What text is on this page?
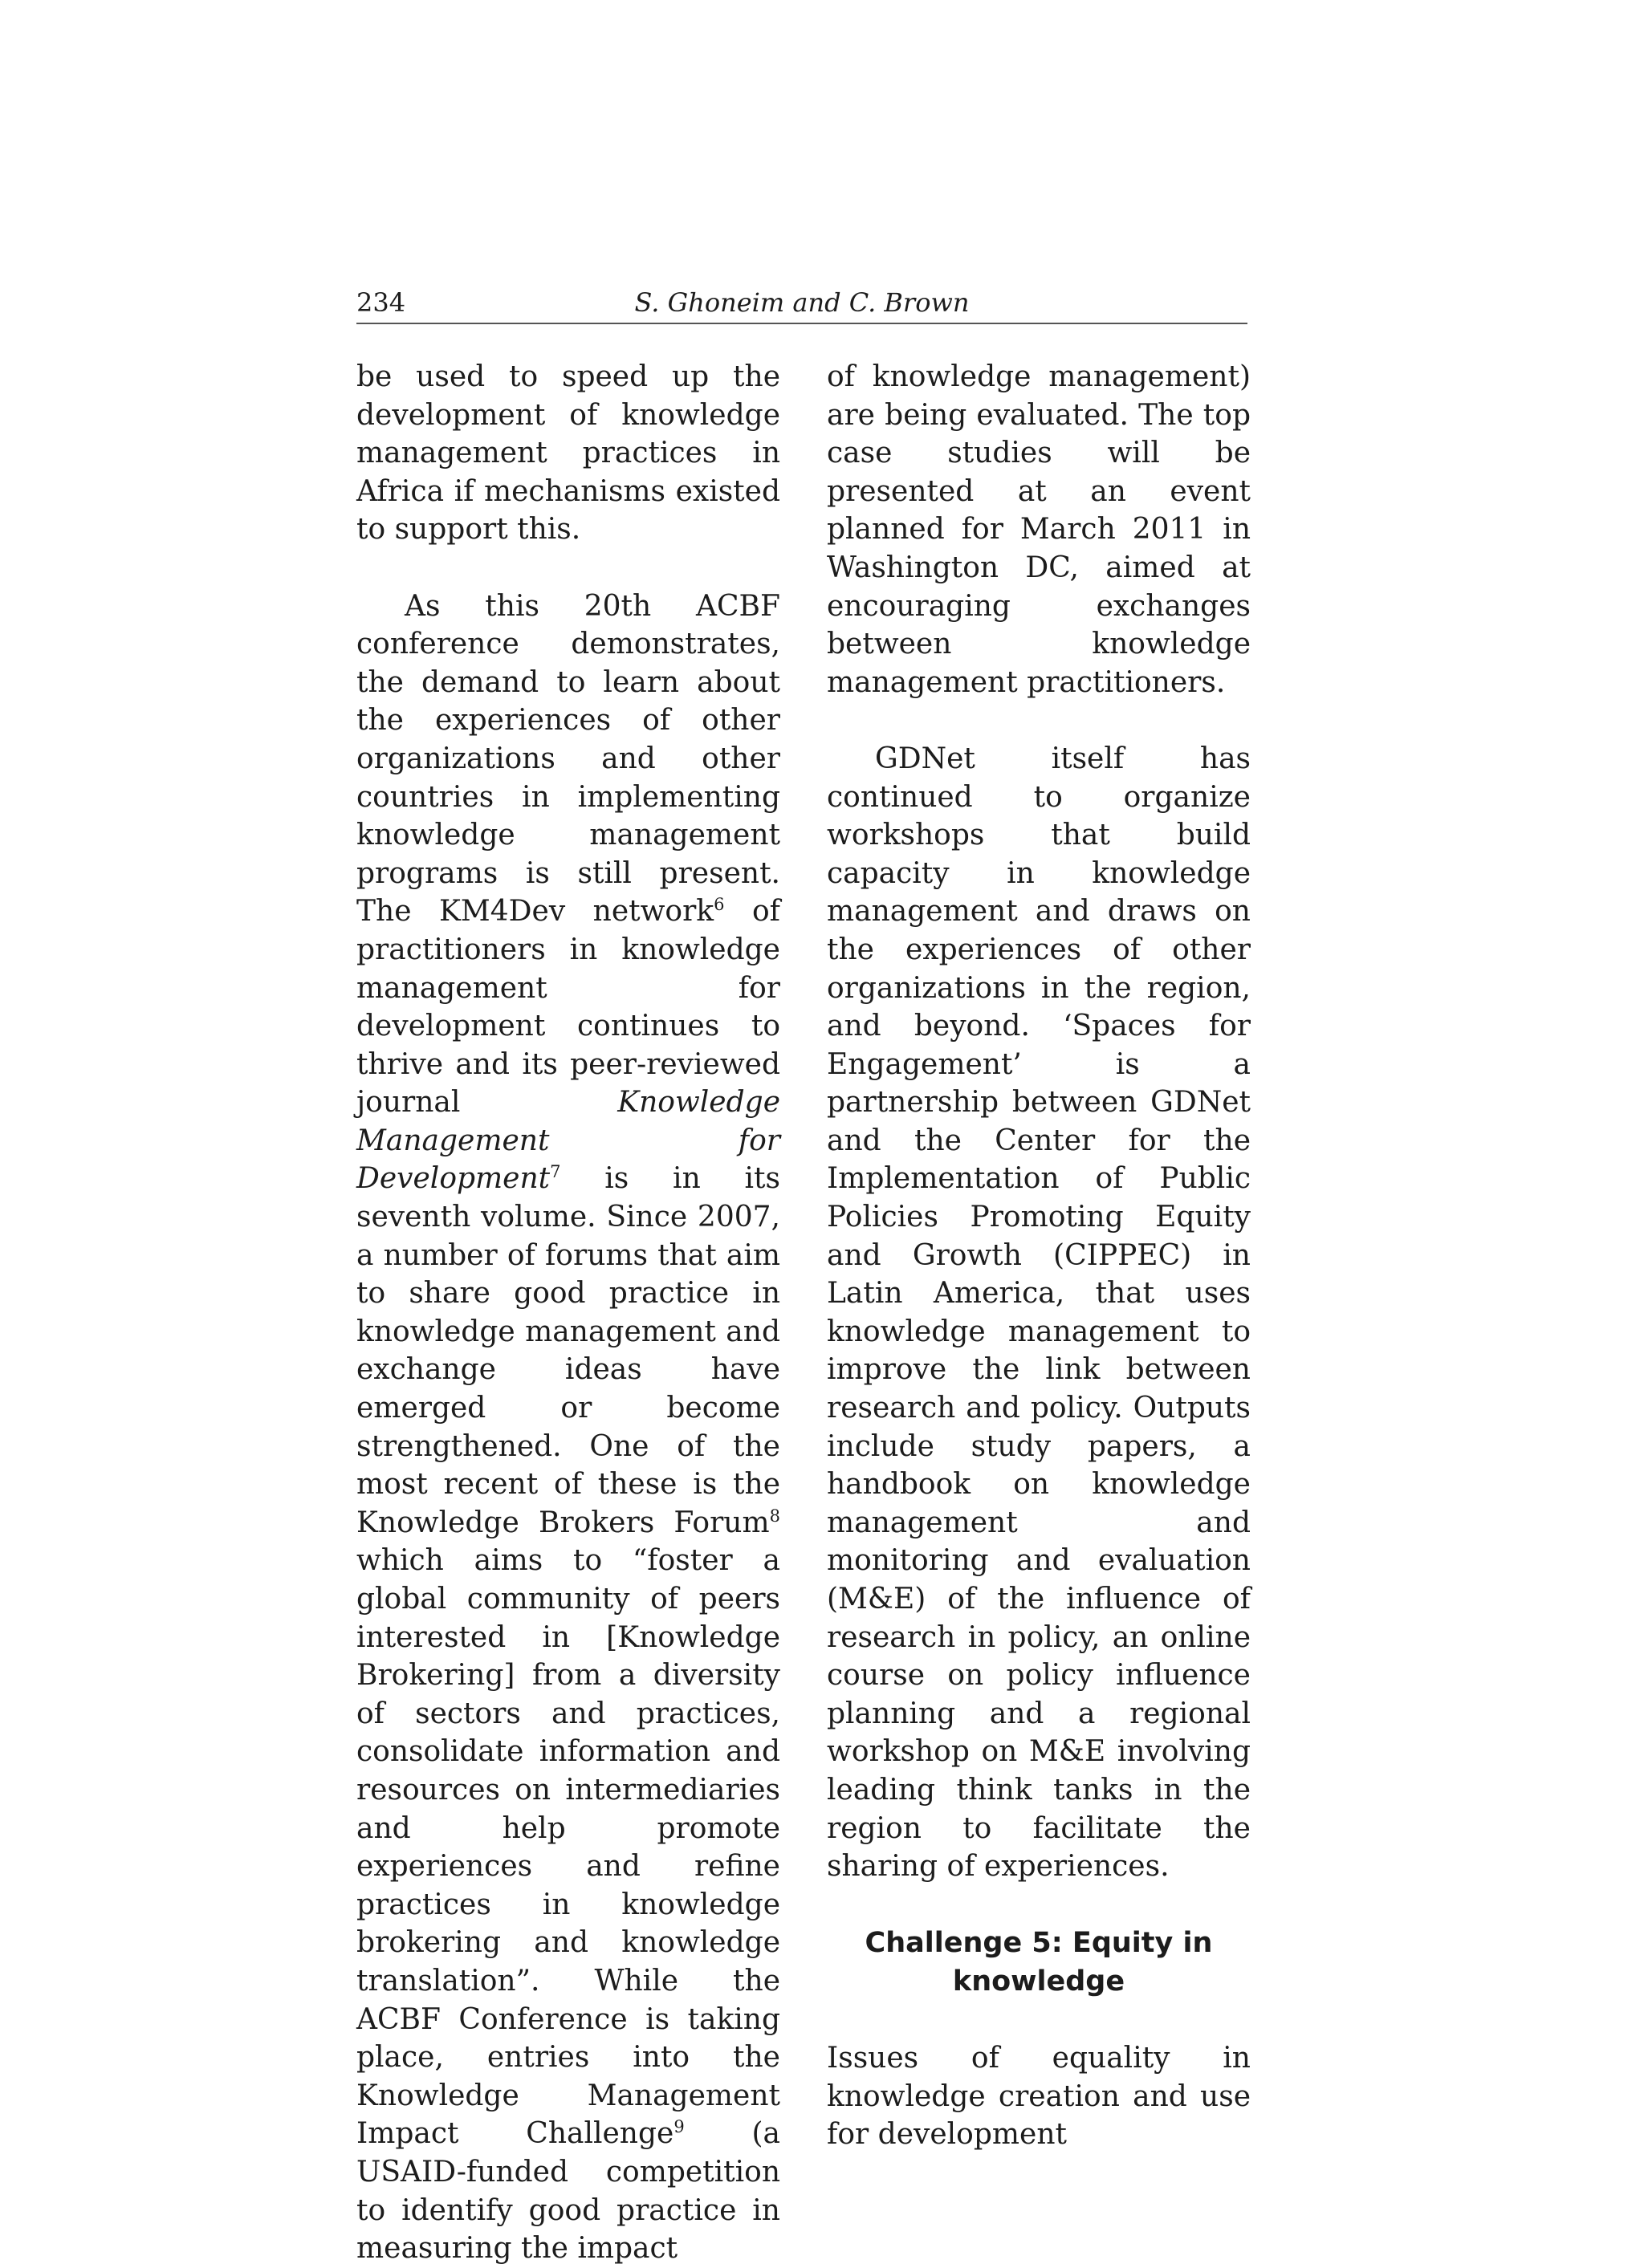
234	S. Ghoneim and C. Brown

be used to speed up the development of knowledge management practices in Africa if mechanisms existed to support this.

As this 20th ACBF conference demonstrates, the demand to learn about the experiences of other organizations and other countries in implementing knowledge management programs is still present. The KM4Dev network$^6$ of practitioners in knowledge management for development continues to thrive and its peer-reviewed journal Knowledge Management for Development$^7$ is in its seventh volume. Since 2007, a number of forums that aim to share good practice in knowledge management and exchange ideas have emerged or become strengthened. One of the most recent of these is the Knowledge Brokers Forum$^8$ which aims to “foster a global community of peers interested in [Knowledge Brokering] from a diversity of sectors and practices, consolidate information and resources on intermediaries and help promote experiences and refine practices in knowledge brokering and knowledge translation”. While the ACBF Conference is taking place, entries into the Knowledge Management Impact Challenge$^9$ (a USAID-funded competition to identify good practice in measuring the impact

of knowledge management) are being evaluated. The top case studies will be presented at an event planned for March 2011 in Washington DC, aimed at encouraging exchanges between knowledge management practitioners.

GDNet itself has continued to organize workshops that build capacity in knowledge management and draws on the experiences of other organizations in the region, and beyond. ‘Spaces for Engagement’ is a partnership between GDNet and the Center for the Implementation of Public Policies Promoting Equity and Growth (CIPPEC) in Latin America, that uses knowledge management to improve the link between research and policy. Outputs include study papers, a handbook on knowledge management and monitoring and evaluation (M&E) of the influence of research in policy, an online course on policy influence planning and a regional workshop on M&E involving leading think tanks in the region to facilitate the sharing of experiences.

Challenge 5: Equity in knowledge

Issues of equality in knowledge creation and use for development
